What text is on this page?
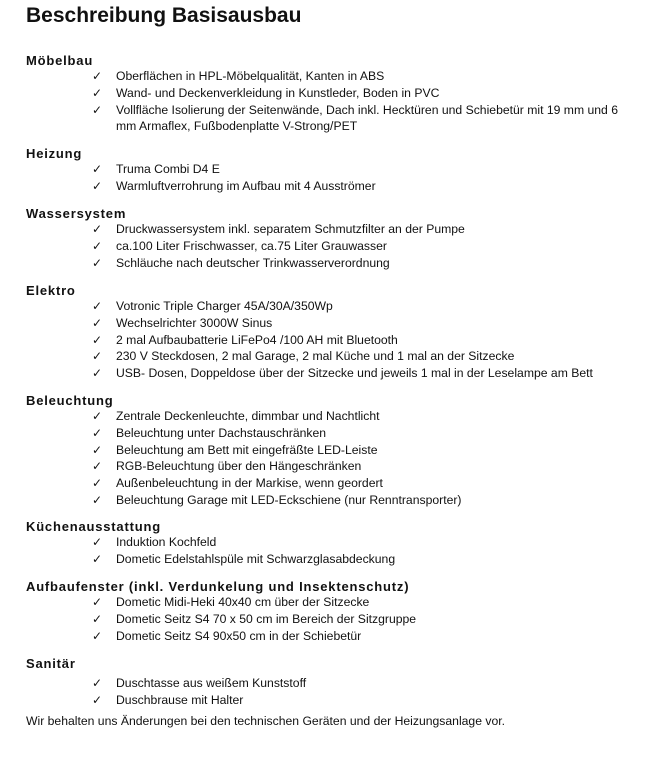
Beschreibung Basisausbau
Möbelbau
✓ Oberflächen in HPL-Möbelqualität, Kanten in ABS
✓ Wand- und Deckenverkleidung in Kunstleder, Boden in PVC
✓ Vollfläche Isolierung der Seitenwände, Dach inkl. Hecktüren und Schiebetür mit 19 mm und 6 mm Armaflex, Fußbodenplatte V-Strong/PET
Heizung
✓ Truma Combi D4 E
✓ Warmluftverrohrung im Aufbau mit 4 Ausströmer
Wassersystem
✓ Druckwassersystem inkl. separatem Schmutzfilter an der Pumpe
✓ ca.100 Liter Frischwasser, ca.75 Liter Grauwasser
✓ Schläuche nach deutscher Trinkwasserverordnung
Elektro
✓ Votronic Triple Charger 45A/30A/350Wp
✓ Wechselrichter 3000W Sinus
✓ 2 mal Aufbaubatterie LiFePo4 /100 AH mit Bluetooth
✓ 230 V Steckdosen, 2 mal Garage, 2 mal Küche und 1 mal an der Sitzecke
✓ USB- Dosen, Doppeldose über der Sitzecke und jeweils 1 mal in der Leselampe am Bett
Beleuchtung
✓ Zentrale Deckenleuchte, dimmbar und Nachtlicht
✓ Beleuchtung unter Dachstauschränken
✓ Beleuchtung am Bett mit eingefräßte LED-Leiste
✓ RGB-Beleuchtung über den Hängeschränken
✓ Außenbeleuchtung in der Markise, wenn geordert
✓ Beleuchtung Garage mit LED-Eckschiene (nur Renntransporter)
Küchenausstattung
✓ Induktion Kochfeld
✓ Dometic Edelstahlspüle mit Schwarzglasabdeckung
Aufbaufenster (inkl. Verdunkelung und Insektenschutz)
✓ Dometic Midi-Heki 40x40 cm über der Sitzecke
✓ Dometic Seitz S4 70 x 50 cm im Bereich der Sitzgruppe
✓ Dometic Seitz S4 90x50 cm in der Schiebetür
Sanitär
✓ Duschtasse aus weißem Kunststoff
✓ Duschbrause mit Halter

Wir behalten uns Änderungen bei den technischen Geräten und der Heizungsanlage vor.
